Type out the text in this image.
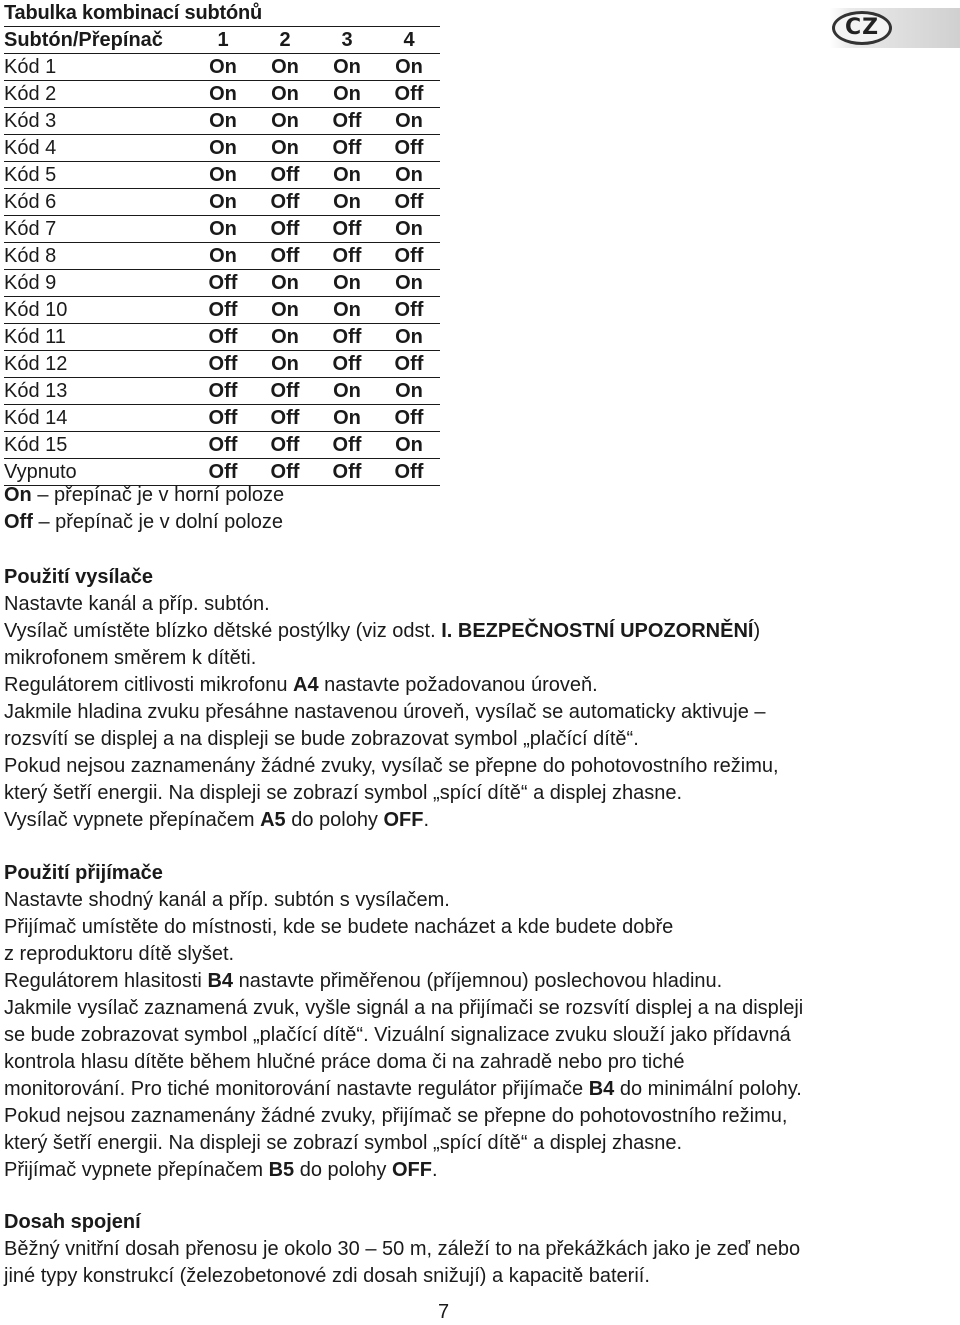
Tabulka kombinací subtónů
Subtón/Přepínač	1	2	3	4
Kód 1	On	On	On	On
Kód 2	On	On	On	Off
Kód 3	On	On	Off	On
Kód 4	On	On	Off	Off
Kód 5	On	Off	On	On
Kód 6	On	Off	On	Off
Kód 7	On	Off	Off	On
Kód 8	On	Off	Off	Off
Kód 9	Off	On	On	On
Kód 10	Off	On	On	Off
Kód 11	Off	On	Off	On
Kód 12	Off	On	Off	Off
Kód 13	Off	Off	On	On
Kód 14	Off	Off	On	Off
Kód 15	Off	Off	Off	On
Vypnuto	Off	Off	Off	Off
On – přepínač je v horní poloze
Off – přepínač je v dolní poloze
CZ
Použití vysílače

Nastavte kanál a příp. subtón.

Vysílač umístěte blízko dětské postýlky (viz odst. I. BEZPEČNOSTNÍ UPOZORNĚNÍ)

mikrofonem směrem k dítěti.

Regulátorem citlivosti mikrofonu A4 nastavte požadovanou úroveň.

Jakmile hladina zvuku přesáhne nastavenou úroveň, vysílač se automaticky aktivuje –

rozsvítí se displej a na displeji se bude zobrazovat symbol „plačící dítě“.

Pokud nejsou zaznamenány žádné zvuky, vysílač se přepne do pohotovostního režimu,

který šetří energii. Na displeji se zobrazí symbol „spící dítě“ a displej zhasne.

Vysílač vypnete přepínačem A5 do polohy OFF.

Použití přijímače

Nastavte shodný kanál a příp. subtón s vysílačem.

Přijímač umístěte do místnosti, kde se budete nacházet a kde budete dobře

z reproduktoru dítě slyšet.

Regulátorem hlasitosti B4 nastavte přiměřenou (příjemnou) poslechovou hladinu.

Jakmile vysílač zaznamená zvuk, vyšle signál a na přijímači se rozsvítí displej a na displeji

se bude zobrazovat symbol „plačící dítě“. Vizuální signalizace zvuku slouží jako přídavná

kontrola hlasu dítěte během hlučné práce doma či na zahradě nebo pro tiché

monitorování. Pro tiché monitorování nastavte regulátor přijímače B4 do minimální polohy.

Pokud nejsou zaznamenány žádné zvuky, přijímač se přepne do pohotovostního režimu,

který šetří energii. Na displeji se zobrazí symbol „spící dítě“ a displej zhasne.

Přijímač vypnete přepínačem B5 do polohy OFF.

Dosah spojení

Běžný vnitřní dosah přenosu je okolo 30 – 50 m, záleží to na překážkách jako je zeď nebo

jiné typy konstrukcí (železobetonové zdi dosah snižují) a kapacitě baterií.

7
